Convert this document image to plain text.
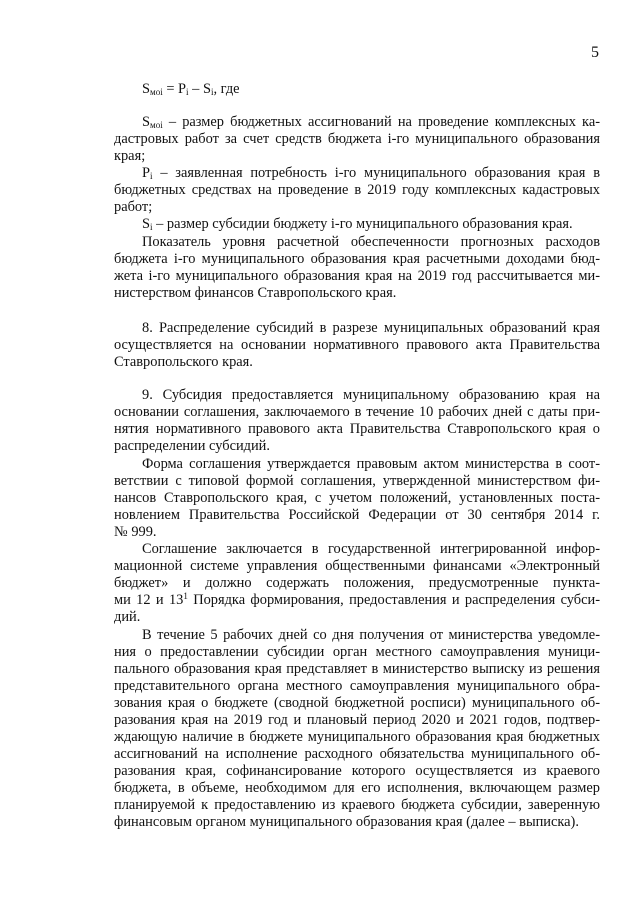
5
$S_{мoi} = P_i - S_i$, где
$S_{мoi}$ – размер бюджетных ассигнований на проведение комплексных ка-
дастровых работ за счет средств бюджета i-го муниципального образования
края;
$P_i$ – заявленная потребность i-го муниципального образования края в
бюджетных средствах на проведение в 2019 году комплексных кадастровых
работ;
$S_i$ – размер субсидии бюджету i-го муниципального образования края.
Показатель уровня расчетной обеспеченности прогнозных расходов
бюджета i-го муниципального образования края расчетными доходами бюд-
жета i-го муниципального образования края на 2019 год рассчитывается ми-
нистерством финансов Ставропольского края.
8. Распределение субсидий в разрезе муниципальных образований края
осуществляется на основании нормативного правового акта Правительства
Ставропольского края.
9. Субсидия предоставляется муниципальному образованию края на
основании соглашения, заключаемого в течение 10 рабочих дней с даты при-
нятия нормативного правового акта Правительства Ставропольского края о
распределении субсидий.
Форма соглашения утверждается правовым актом министерства в соот-
ветствии с типовой формой соглашения, утвержденной министерством фи-
нансов Ставропольского края, с учетом положений, установленных поста-
новлением Правительства Российской Федерации от 30 сентября 2014 г.
№ 999.
Соглашение заключается в государственной интегрированной инфор-
мационной системе управления общественными финансами «Электронный
бюджет» и должно содержать положения, предусмотренные пункта-
ми 12 и $13^1$ Порядка формирования, предоставления и распределения субси-
дий.
В течение 5 рабочих дней со дня получения от министерства уведомле-
ния о предоставлении субсидии орган местного самоуправления муници-
пального образования края представляет в министерство выписку из решения
представительного органа местного самоуправления муниципального обра-
зования края о бюджете (сводной бюджетной росписи) муниципального об-
разования края на 2019 год и плановый период 2020 и 2021 годов, подтвер-
ждающую наличие в бюджете муниципального образования края бюджетных
ассигнований на исполнение расходного обязательства муниципального об-
разования края, софинансирование которого осуществляется из краевого
бюджета, в объеме, необходимом для его исполнения, включающем размер
планируемой к предоставлению из краевого бюджета субсидии, заверенную
финансовым органом муниципального образования края (далее – выписка).
